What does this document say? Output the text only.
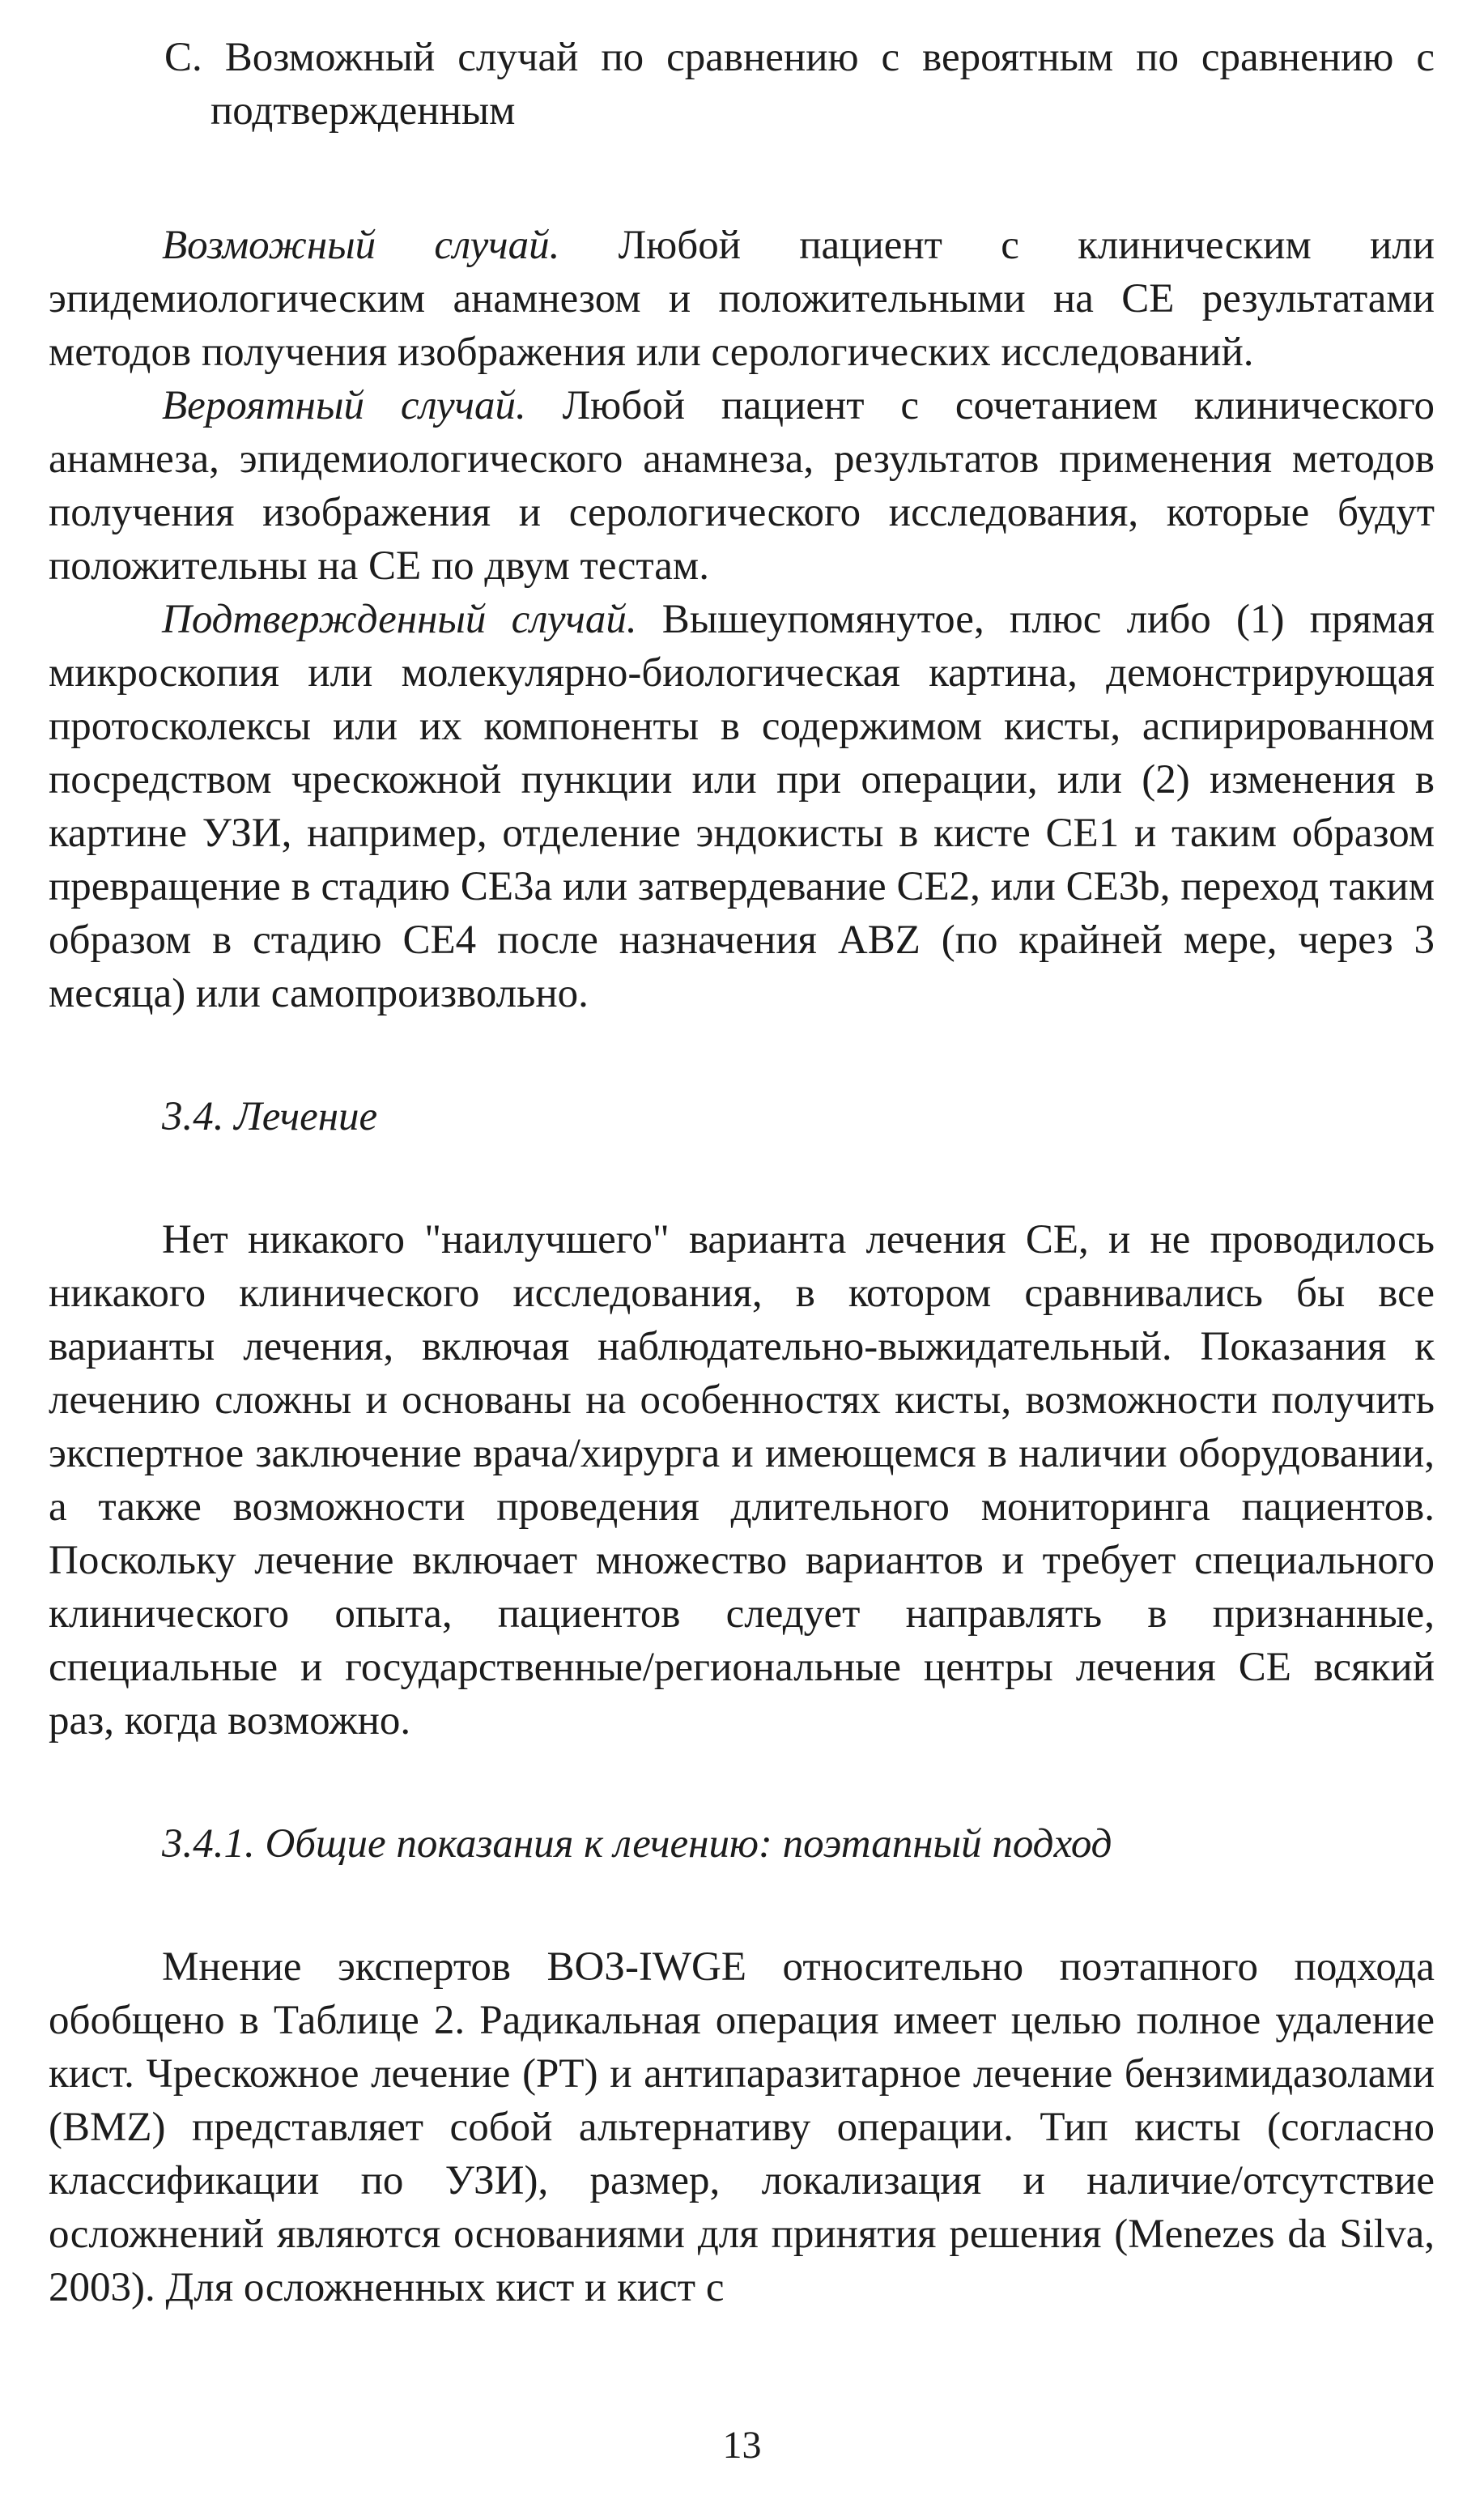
С. Возможный случай по сравнению с вероятным по сравнению с подтвержденным

Возможный случай. Любой пациент с клиническим или эпидемиологическим анамнезом и положительными на СЕ результатами методов получения изображения или серологических исследований.

Вероятный случай. Любой пациент с сочетанием клинического анамнеза, эпидемиологического анамнеза, результатов применения методов получения изображения и серологического исследования, которые будут положительны на СЕ по двум тестам.

Подтвержденный случай. Вышеупомянутое, плюс либо (1) прямая микроскопия или молекулярно-биологическая картина, демонстрирующая протосколексы или их компоненты в содержимом кисты, аспирированном посредством чрескожной пункции или при операции, или (2) изменения в картине УЗИ, например, отделение эндокисты в кисте CE1 и таким образом превращение в стадию CE3a или затвердевание CE2, или CE3b, переход таким образом в стадию CE4 после назначения ABZ (по крайней мере, через 3 месяца) или самопроизвольно.

3.4. Лечение

Нет никакого "наилучшего" варианта лечения СЕ, и не проводилось никакого клинического исследования, в котором сравнивались бы все варианты лечения, включая наблюдательно-выжидательный. Показания к лечению сложны и основаны на особенностях кисты, возможности получить экспертное заключение врача/хирурга и имеющемся в наличии оборудовании, а также возможности проведения длительного мониторинга пациентов. Поскольку лечение включает множество вариантов и требует специального клинического опыта, пациентов следует направлять в признанные, специальные и государственные/региональные центры лечения СЕ всякий раз, когда возможно.

3.4.1. Общие показания к лечению: поэтапный подход

Мнение экспертов ВОЗ-IWGE относительно поэтапного подхода обобщено в Таблице 2. Радикальная операция имеет целью полное удаление кист. Чрескожное лечение (PT) и антипаразитарное лечение бензимидазолами (BMZ) представляет собой альтернативу операции. Тип кисты (согласно классификации по УЗИ), размер, локализация и наличие/отсутствие осложнений являются основаниями для принятия решения (Menezes da Silva, 2003). Для осложненных кист и кист с

13
